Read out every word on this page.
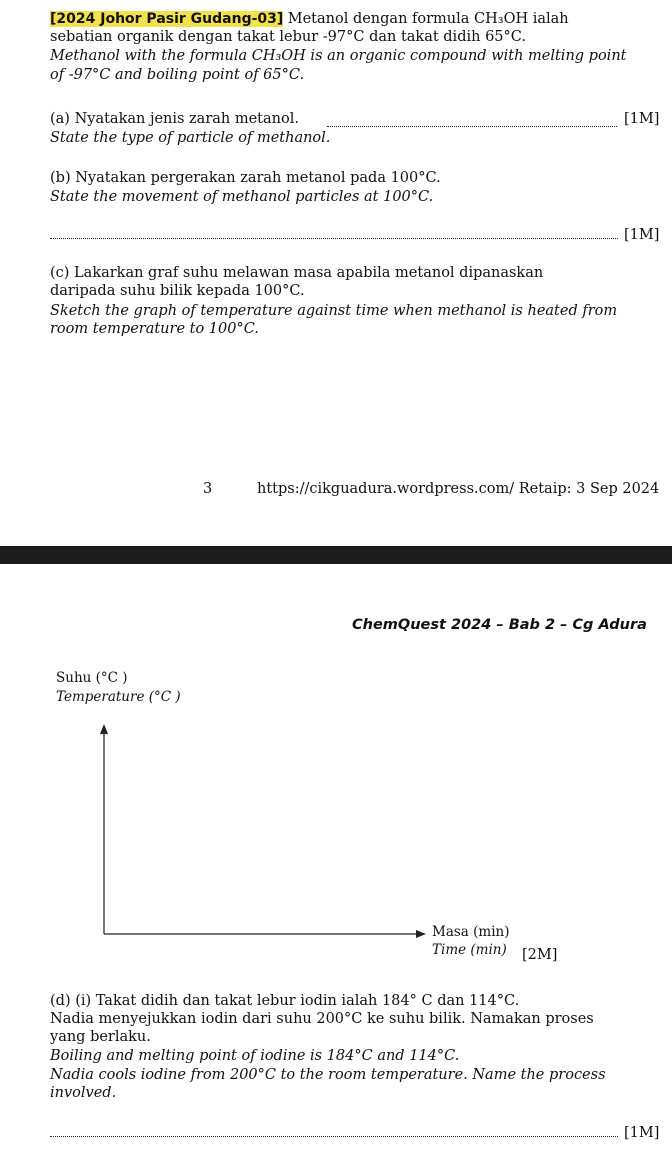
[2024 Johor Pasir Gudang-03] Metanol dengan formula CH₃OH ialah
sebatian organik dengan takat lebur -97°C dan takat didih 65°C.
Methanol with the formula CH₃OH is an organic compound with melting point
of -97°C and boiling point of 65°C.
(a) Nyatakan jenis zarah metanol.	[1M]
State the type of particle of methanol.
(b) Nyatakan pergerakan zarah metanol pada 100°C.
State the movement of methanol particles at 100°C.
[1M]
(c) Lakarkan graf suhu melawan masa apabila metanol dipanaskan
daripada suhu bilik kepada 100°C.
Sketch the graph of temperature against time when methanol is heated from
room temperature to 100°C.
3	https://cikguadura.wordpress.com/ Retaip: 3 Sep 2024
ChemQuest 2024 – Bab 2 – Cg Adura
Suhu (°C )
Temperature (°C )
Masa (min)
Time (min) [2M]
(d) (i) Takat didih dan takat lebur iodin ialah 184° C dan 114°C.
Nadia menyejukkan iodin dari suhu 200°C ke suhu bilik. Namakan proses
yang berlaku.
Boiling and melting point of iodine is 184°C and 114°C.
Nadia cools iodine from 200°C to the room temperature. Name the process
involved.
[1M]
